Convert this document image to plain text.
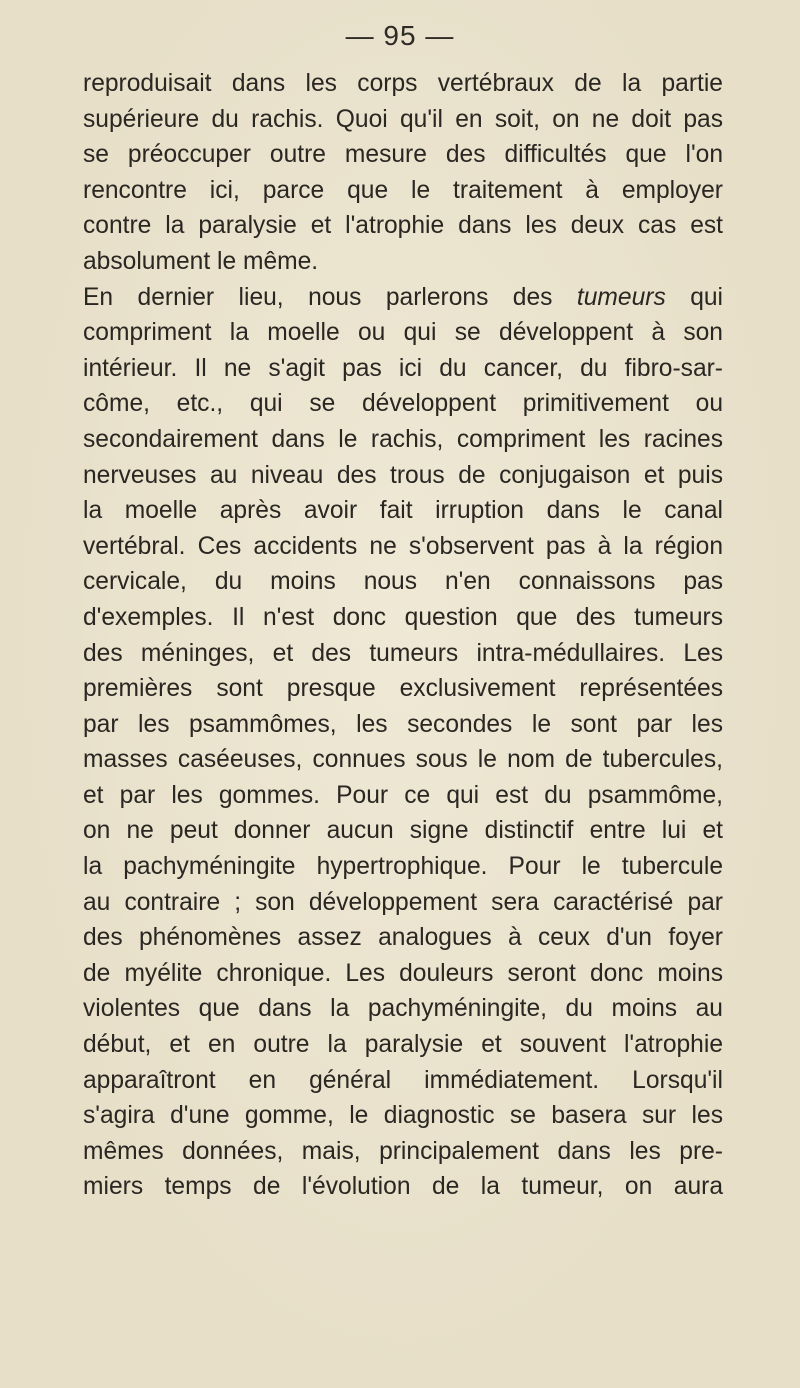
— 95 —
reproduisait dans les corps vertébraux de la partie
supérieure du rachis. Quoi qu'il en soit, on ne doit pas
se préoccuper outre mesure des difficultés que l'on
rencontre ici, parce que le traitement à employer
contre la paralysie et l'atrophie dans les deux cas est
absolument le même.
En dernier lieu, nous parlerons des tumeurs qui
compriment la moelle ou qui se développent à son
intérieur. Il ne s'agit pas ici du cancer, du fibro-sar-
côme, etc., qui se développent primitivement ou
secondairement dans le rachis, compriment les racines
nerveuses au niveau des trous de conjugaison et puis
la moelle après avoir fait irruption dans le canal
vertébral. Ces accidents ne s'observent pas à la région
cervicale, du moins nous n'en connaissons pas
d'exemples. Il n'est donc question que des tumeurs
des méninges, et des tumeurs intra-médullaires. Les
premières sont presque exclusivement représentées
par les psammômes, les secondes le sont par les
masses caséeuses, connues sous le nom de tubercules,
et par les gommes. Pour ce qui est du psammôme,
on ne peut donner aucun signe distinctif entre lui et
la pachyméningite hypertrophique. Pour le tubercule
au contraire ; son développement sera caractérisé par
des phénomènes assez analogues à ceux d'un foyer
de myélite chronique. Les douleurs seront donc moins
violentes que dans la pachyméningite, du moins au
début, et en outre la paralysie et souvent l'atrophie
apparaîtront en général immédiatement. Lorsqu'il
s'agira d'une gomme, le diagnostic se basera sur les
mêmes données, mais, principalement dans les pre-
miers temps de l'évolution de la tumeur, on aura
